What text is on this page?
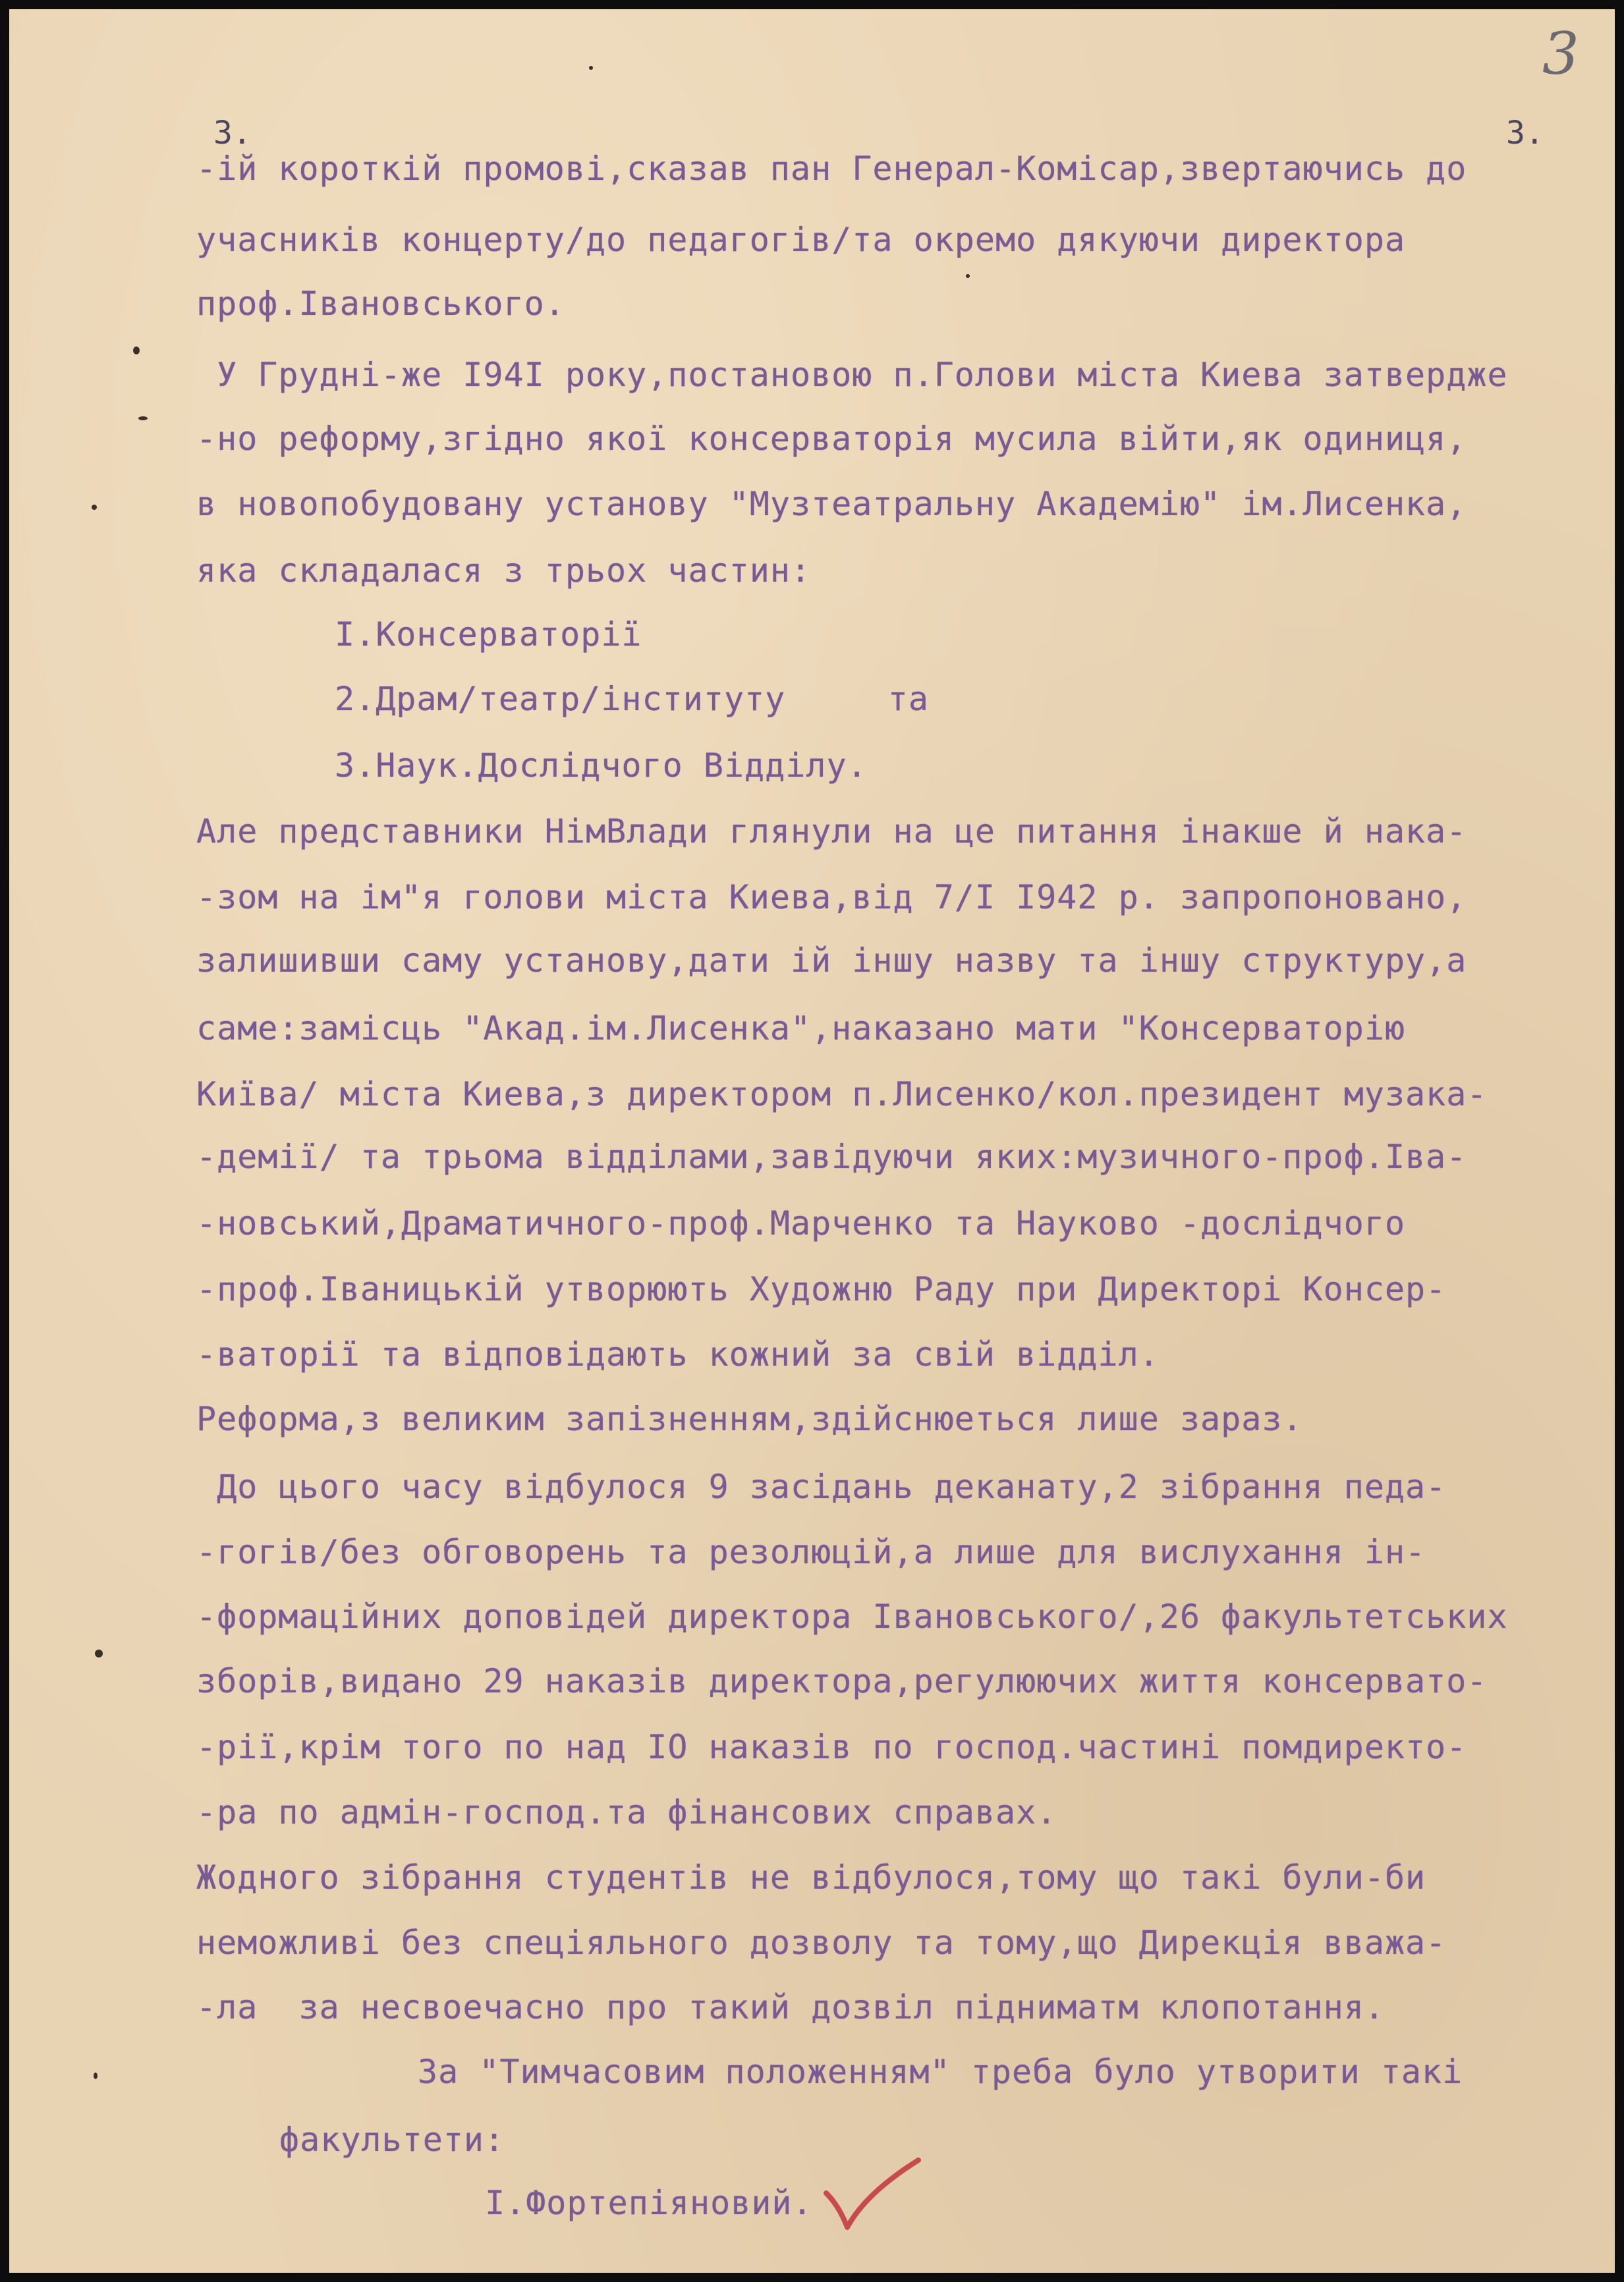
3
3.	3.
-ій короткій промові,сказав пан Генерал-Комісар,звертаючись до
учасників концерту/до педагогів/та окремо дякуючи директора
проф.Івановського.
У Грудні-же I94I року,постановою п.Голови міста Киева затвердже
-но реформу,згідно якої консерваторія мусила війти,як одиниця,
в новопобудовану установу "Музтеатральну Академію" ім.Лисенка,
яка складалася з трьох частин:
I.Консерваторії
2.Драм/театр/інституту     та
3.Наук.Дослідчого Відділу.
Але представники НімВлади глянули на це питання інакше й нака-
-зом на ім"я голови міста Киева,від 7/I I942 р. запропоновано,
залишивши саму установу,дати ій іншу назву та іншу структуру,а
саме:замісць "Акад.ім.Лисенка",наказано мати "Консерваторію
Київа/ міста Киева,з директором п.Лисенко/кол.президент музака-
-демії/ та трьома відділами,завідуючи яких:музичного-проф.Іва-
-новський,Драматичного-проф.Марченко та Науково -дослідчого
-проф.Іваницькій утворюють Художню Раду при Директорі Консер-
-ваторії та відповідають кожний за свій відділ.
Реформа,з великим запізненням,здійснюеться лише зараз.
До цього часу відбулося 9 засідань деканату,2 зібрання педа-
-гогів/без обговорень та резолюцій,а лише для вислухання ін-
-формаційних доповідей директора Івановського/,26 факультетських
зборів,видано 29 наказів директора,регулюючих життя консервато-
-рії,крім того по над IO наказів по господ.частині помдиректо-
-ра по адмін-господ.та фінансових справах.
Жодного зібрання студентів не відбулося,тому що такі були-би
неможливі без спеціяльного дозволу та тому,що Дирекція вважа-
-ла  за несвоечасно про такий дозвіл підниматм клопотання.
За "Тимчасовим положенням" треба було утворити такі
факультети:
I.Фортепіяновий.
